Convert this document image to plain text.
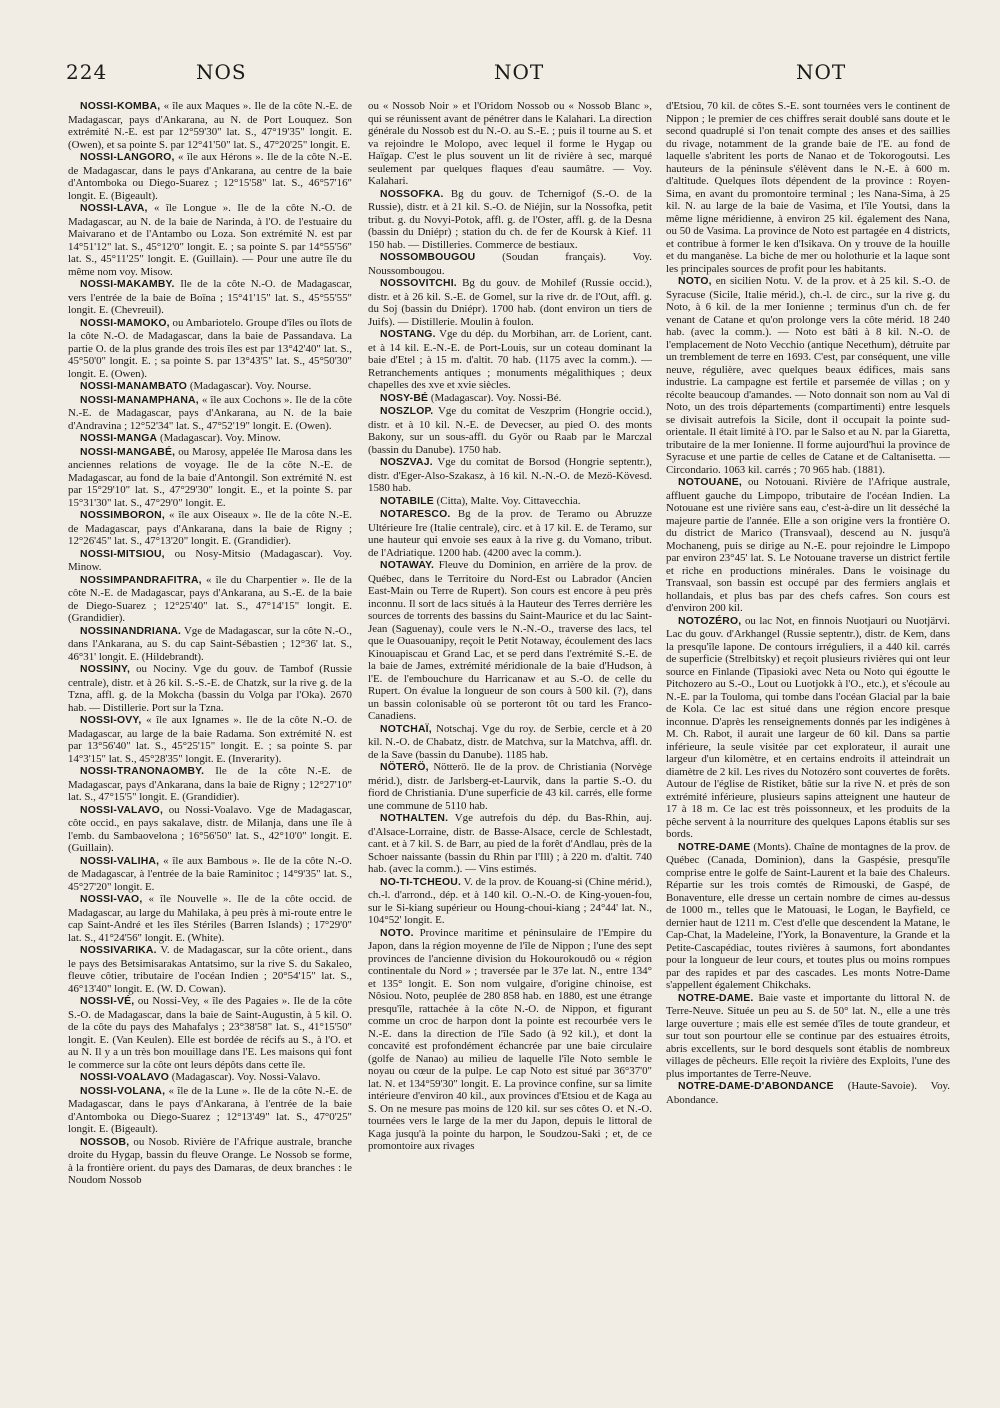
224	NOS	NOT	NOT

NOSSI-KOMBA, « île aux Maques ». Ile de la côte N.-E. de Madagascar, pays d'Ankarana, au N. de Port Louquez. Son extrémité N.-E. est par 12°59'30" lat. S., 47°19'35" longit. E. (Owen), et sa pointe S. par 12°41'50" lat. S., 47°20'25" longit. E.

NOSSI-LANGORO, « île aux Hérons ». Ile de la côte N.-E. de Madagascar, dans le pays d'Ankarana, au centre de la baie d'Antomboka ou Diego-Suarez ; 12°15'58" lat. S., 46°57'16" longit. E. (Bigeault).

NOSSI-LAVA, « île Longue ». Ile de la côte N.-O. de Madagascar, au N. de la baie de Narinda, à l'O. de l'estuaire du Maivarano et de l'Antambo ou Loza. Son extrémité N. est par 14°51'12" lat. S., 45°12'0" longit. E. ; sa pointe S. par 14°55'56" lat. S., 45°11'25" longit. E. (Guillain). — Pour une autre île du même nom voy. Misow.

NOSSI-MAKAMBY. Ile de la côte N.-O. de Madagascar, vers l'entrée de la baie de Boïna ; 15°41'15" lat. S., 45°55'55" longit. E. (Chevreuil).

NOSSI-MAMOKO, ou Ambariotelo. Groupe d'îles ou îlots de la côte N.-O. de Madagascar, dans la baie de Passandava. La partie O. de la plus grande des trois îles est par 13°42'40" lat. S., 45°50'0" longit. E. ; sa pointe S. par 13°43'5" lat. S., 45°50'30" longit. E. (Owen).

NOSSI-MANAMBATO (Madagascar). Voy. Nourse.

NOSSI-MANAMPHANA, « île aux Cochons ». Ile de la côte N.-E. de Madagascar, pays d'Ankarana, au N. de la baie d'Andravina ; 12°52'34" lat. S., 47°52'19" longit. E. (Owen).

NOSSI-MANGA (Madagascar). Voy. Minow.

NOSSI-MANGABÉ, ou Marosy, appelée Ile Marosa dans les anciennes relations de voyage. Ile de la côte N.-E. de Madagascar, au fond de la baie d'Antongil. Son extrémité N. est par 15°29'10" lat. S., 47°29'30" longit. E., et la pointe S. par 15°31'30" lat. S., 47°29'0" longit. E.

NOSSIMBORON, « île aux Oiseaux ». Ile de la côte N.-E. de Madagascar, pays d'Ankarana, dans la baie de Rigny ; 12°26'45" lat. S., 47°13'20" longit. E. (Grandidier).

NOSSI-MITSIOU, ou Nosy-Mitsio (Madagascar). Voy. Minow.

NOSSIMPANDRAFITRA, « île du Charpentier ». Ile de la côte N.-E. de Madagascar, pays d'Ankarana, au S.-E. de la baie de Diego-Suarez ; 12°25'40" lat. S., 47°14'15" longit. E. (Grandidier).

NOSSINANDRIANA. Vge de Madagascar, sur la côte N.-O., dans l'Ankarana, au S. du cap Saint-Sébastien ; 12°36' lat. S., 46°31' longit. E. (Hildebrandt).

NOSSINY, ou Nociny. Vge du gouv. de Tambof (Russie centrale), distr. et à 26 kil. S.-S.-E. de Chatzk, sur la rive g. de la Tzna, affl. g. de la Mokcha (bassin du Volga par l'Oka). 2670 hab. — Distillerie. Port sur la Tzna.

NOSSI-OVY, « île aux Ignames ». Ile de la côte N.-O. de Madagascar, au large de la baie Radama. Son extrémité N. est par 13°56'40" lat. S., 45°25'15" longit. E. ; sa pointe S. par 14°3'15" lat. S., 45°28'35" longit. E. (Inverarity).

NOSSI-TRANONAOMBY. Ile de la côte N.-E. de Madagascar, pays d'Ankarana, dans la baie de Rigny ; 12°27'10" lat. S., 47°15'5" longit. E. (Grandidier).

NOSSI-VALAVO, ou Nossi-Voalavo. Vge de Madagascar, côte occid., en pays sakalave, distr. de Milanja, dans une île à l'emb. du Sambaovelona ; 16°56'50" lat. S., 42°10'0" longit. E. (Guillain).

NOSSI-VALIHA, « île aux Bambous ». Ile de la côte N.-O. de Madagascar, à l'entrée de la baie Raminitoc ; 14°9'35" lat. S., 45°27'20" longit. E.

NOSSI-VAO, « île Nouvelle ». Ile de la côte occid. de Madagascar, au large du Mahilaka, à peu près à mi-route entre le cap Saint-André et les îles Stériles (Barren Islands) ; 17°29'0" lat. S., 41°24'56" longit. E. (White).

NOSSIVARIKA. V. de Madagascar, sur la côte orient., dans le pays des Betsimisarakas Antatsimo, sur la rive S. du Sakaleo, fleuve côtier, tributaire de l'océan Indien ; 20°54'15" lat. S., 46°13'40" longit. E. (W. D. Cowan).

NOSSI-VÉ, ou Nossi-Vey, « île des Pagaies ». Ile de la côte S.-O. de Madagascar, dans la baie de Saint-Augustin, à 5 kil. O. de la côte du pays des Mahafalys ; 23°38'58" lat. S., 41°15'50" longit. E. (Van Keulen). Elle est bordée de récifs au S., à l'O. et au N. Il y a un très bon mouillage dans l'E. Les maisons qui font le commerce sur la côte ont leurs dépôts dans cette île.

NOSSI-VOALAVO (Madagascar). Voy. Nossi-Valavo.

NOSSI-VOLANA, « île de la Lune ». Ile de la côte N.-E. de Madagascar, dans le pays d'Ankarana, à l'entrée de la baie d'Antomboka ou Diego-Suarez ; 12°13'49" lat. S., 47°0'25" longit. E. (Bigeault).

NOSSOB, ou Nosob. Rivière de l'Afrique australe, branche droite du Hygap, bassin du fleuve Orange. Le Nossob se forme, à la frontière orient. du pays des Damaras, de deux branches : le Noudom Nossob

ou « Nossob Noir » et l'Oridom Nossob ou « Nossob Blanc », qui se réunissent avant de pénétrer dans le Kalahari. La direction générale du Nossob est du N.-O. au S.-E. ; puis il tourne au S. et va rejoindre le Molopo, avec lequel il forme le Hygap ou Haïgap. C'est le plus souvent un lit de rivière à sec, marqué seulement par quelques flaques d'eau saumâtre. — Voy. Kalahari.

NOSSOFKA. Bg du gouv. de Tchernigof (S.-O. de la Russie), distr. et à 21 kil. S.-O. de Niéjin, sur la Nossofka, petit tribut. g. du Novyi-Potok, affl. g. de l'Oster, affl. g. de la Desna (bassin du Dniépr) ; station du ch. de fer de Koursk à Kief. 11 150 hab. — Distilleries. Commerce de bestiaux.

NOSSOMBOUGOU (Soudan français). Voy. Noussombougou.

NOSSOVITCHI. Bg du gouv. de Mohilef (Russie occid.), distr. et à 26 kil. S.-E. de Gomel, sur la rive dr. de l'Out, affl. g. du Soj (bassin du Dniépr). 1700 hab. (dont environ un tiers de Juifs). — Distillerie. Moulin à foulon.

NOSTANG. Vge du dép. du Morbihan, arr. de Lorient, cant. et à 14 kil. E.-N.-E. de Port-Louis, sur un coteau dominant la baie d'Etel ; à 15 m. d'altit. 70 hab. (1175 avec la comm.). — Retranchements antiques ; monuments mégalithiques ; deux chapelles des xve et xvie siècles.

NOSY-BÉ (Madagascar). Voy. Nossi-Bé.

NOSZLOP. Vge du comitat de Veszprim (Hongrie occid.), distr. et à 10 kil. N.-E. de Devecser, au pied O. des monts Bakony, sur un sous-affl. du Györ ou Raab par le Marczal (bassin du Danube). 1750 hab.

NOSZVAJ. Vge du comitat de Borsod (Hongrie septentr.), distr. d'Eger-Also-Szakasz, à 16 kil. N.-N.-O. de Mezö-Kövesd. 1580 hab.

NOTABILE (Citta), Malte. Voy. Cittavecchia.

NOTARESCO. Bg de la prov. de Teramo ou Abruzze Ultérieure Ire (Italie centrale), circ. et à 17 kil. E. de Teramo, sur une hauteur qui envoie ses eaux à la rive g. du Vomano, tribut. de l'Adriatique. 1200 hab. (4200 avec la comm.).

NOTAWAY. Fleuve du Dominion, en arrière de la prov. de Québec, dans le Territoire du Nord-Est ou Labrador (Ancien East-Main ou Terre de Rupert). Son cours est encore à peu près inconnu. Il sort de lacs situés à la Hauteur des Terres derrière les sources de torrents des bassins du Saint-Maurice et du lac Saint-Jean (Saguenay), coule vers le N.-N.-O., traverse des lacs, tel que le Ouasouanipy, reçoit le Petit Notaway, écoulement des lacs Kinouapiscau et Grand Lac, et se perd dans l'extrémité S.-E. de la baie de James, extrémité méridionale de la baie d'Hudson, à l'E. de l'embouchure du Harricanaw et au S.-O. de celle du Rupert. On évalue la longueur de son cours à 500 kil. (?), dans un bassin colonisable où se porteront tôt ou tard les Franco-Canadiens.

NOTCHAÏ, Notschaj. Vge du roy. de Serbie, cercle et à 20 kil. N.-O. de Chabatz, distr. de Matchva, sur la Matchva, affl. dr. de la Save (bassin du Danube). 1185 hab.

NÖTERÖ, Nötterö. Ile de la prov. de Christiania (Norvège mérid.), distr. de Jarlsberg-et-Laurvik, dans la partie S.-O. du fiord de Christiania. D'une superficie de 43 kil. carrés, elle forme une commune de 5110 hab.

NOTHALTEN. Vge autrefois du dép. du Bas-Rhin, auj. d'Alsace-Lorraine, distr. de Basse-Alsace, cercle de Schlestadt, cant. et à 7 kil. S. de Barr, au pied de la forêt d'Andlau, près de la Schoer naissante (bassin du Rhin par l'Ill) ; à 220 m. d'altit. 740 hab. (avec la comm.). — Vins estimés.

NO-TI-TCHEOU. V. de la prov. de Kouang-si (Chine mérid.), ch.-l. d'arrond., dép. et à 140 kil. O.-N.-O. de King-youen-fou, sur le Si-kiang supérieur ou Houng-choui-kiang ; 24°44' lat. N., 104°52' longit. E.

NOTO. Province maritime et péninsulaire de l'Empire du Japon, dans la région moyenne de l'île de Nippon ; l'une des sept provinces de l'ancienne division du Hokourokoudô ou « région continentale du Nord » ; traversée par le 37e lat. N., entre 134° et 135° longit. E. Son nom vulgaire, d'origine chinoise, est Nôsiou. Noto, peuplée de 280 858 hab. en 1880, est une étrange presqu'île, rattachée à la côte N.-O. de Nippon, et figurant comme un croc de harpon dont la pointe est recourbée vers le N.-E. dans la direction de l'île Sado (à 92 kil.), et dont la concavité est profondément échancrée par une baie circulaire (golfe de Nanao) au milieu de laquelle l'île Noto semble le noyau ou cœur de la pulpe. Le cap Noto est situé par 36°37'0" lat. N. et 134°59'30" longit. E. La province confine, sur sa limite intérieure d'environ 40 kil., aux provinces d'Etsiou et de Kaga au S. On ne mesure pas moins de 120 kil. sur ses côtes O. et N.-O. tournées vers le large de la mer du Japon, depuis le littoral de Kaga jusqu'à la pointe du harpon, le Soudzou-Saki ; et, de ce promontoire aux rivages

d'Etsiou, 70 kil. de côtes S.-E. sont tournées vers le continent de Nippon ; le premier de ces chiffres serait doublé sans doute et le second quadruplé si l'on tenait compte des anses et des saillies du rivage, notamment de la grande baie de l'E. au fond de laquelle s'abritent les ports de Nanao et de Tokorogoutsi. Les hauteurs de la péninsule s'élèvent dans le N.-E. à 600 m. d'altitude. Quelques îlots dépendent de la province : Royen-Sima, en avant du promontoire terminal ; les Nana-Sima, à 25 kil. N. au large de la baie de Vasima, et l'île Youtsi, dans la même ligne méridienne, à environ 25 kil. également des Nana, ou 50 de Vasima. La province de Noto est partagée en 4 districts, et contribue à former le ken d'Isikava. On y trouve de la houille et du manganèse. La biche de mer ou holothurie et la laque sont les principales sources de profit pour les habitants.

NOTO, en sicilien Notu. V. de la prov. et à 25 kil. S.-O. de Syracuse (Sicile, Italie mérid.), ch.-l. de circ., sur la rive g. du Noto, à 6 kil. de la mer Ionienne ; terminus d'un ch. de fer venant de Catane et qu'on prolonge vers la côte mérid. 18 240 hab. (avec la comm.). — Noto est bâti à 8 kil. N.-O. de l'emplacement de Noto Vecchio (antique Necethum), détruite par un tremblement de terre en 1693. C'est, par conséquent, une ville neuve, régulière, avec quelques beaux édifices, mais sans industrie. La campagne est fertile et parsemée de villas ; on y récolte beaucoup d'amandes. — Noto donnait son nom au Val di Noto, un des trois départements (compartimenti) entre lesquels se divisait autrefois la Sicile, dont il occupait la pointe sud-orientale. Il était limité à l'O. par le Salso et au N. par la Giaretta, tributaire de la mer Ionienne. Il forme aujourd'hui la province de Syracuse et une partie de celles de Catane et de Caltanisetta. — Circondario. 1063 kil. carrés ; 70 965 hab. (1881).

NOTOUANE, ou Notouani. Rivière de l'Afrique australe, affluent gauche du Limpopo, tributaire de l'océan Indien. La Notouane est une rivière sans eau, c'est-à-dire un lit desséché la majeure partie de l'année. Elle a son origine vers la frontière O. du district de Marico (Transvaal), descend au N. jusqu'à Mochaneng, puis se dirige au N.-E. pour rejoindre le Limpopo par environ 23°45' lat. S. Le Notouane traverse un district fertile et riche en productions minérales. Dans le voisinage du Transvaal, son bassin est occupé par des fermiers anglais et hollandais, et plus bas par des chefs cafres. Son cours est d'environ 200 kil.

NOTOZÉRO, ou lac Not, en finnois Nuotjauri ou Nuotjärvi. Lac du gouv. d'Arkhangel (Russie septentr.), distr. de Kem, dans la presqu'île lapone. De contours irréguliers, il a 440 kil. carrés de superficie (Strelbitsky) et reçoit plusieurs rivières qui ont leur source en Finlande (Tipasioki avec Neta ou Noto qui égoutte le Pitchozero au S.-O., Lout ou Luotjokk à l'O., etc.), et s'écoule au N.-E. par la Touloma, qui tombe dans l'océan Glacial par la baie de Kola. Ce lac est situé dans une région encore presque inconnue. D'après les renseignements donnés par les indigènes à M. Ch. Rabot, il aurait une largeur de 60 kil. Dans sa partie inférieure, la seule visitée par cet explorateur, il aurait une largeur d'un kilomètre, et en certains endroits il atteindrait un diamètre de 2 kil. Les rives du Notozéro sont couvertes de forêts. Autour de l'église de Ristiket, bâtie sur la rive N. et près de son extrémité inférieure, plusieurs sapins atteignent une hauteur de 17 à 18 m. Ce lac est très poissonneux, et les produits de la pêche servent à la nourriture des quelques Lapons établis sur ses bords.

NOTRE-DAME (Monts). Chaîne de montagnes de la prov. de Québec (Canada, Dominion), dans la Gaspésie, presqu'île comprise entre le golfe de Saint-Laurent et la baie des Chaleurs. Répartie sur les trois comtés de Rimouski, de Gaspé, de Bonaventure, elle dresse un certain nombre de cimes au-dessus de 1000 m., telles que le Matouasi, le Logan, le Bayfield, ce dernier haut de 1211 m. C'est d'elle que descendent la Matane, le Cap-Chat, la Madeleine, l'York, la Bonaventure, la Grande et la Petite-Cascapédiac, toutes rivières à saumons, fort abondantes pour la longueur de leur cours, et toutes plus ou moins rompues par des rapides et par des cascades. Les monts Notre-Dame s'appellent également Chikchaks.

NOTRE-DAME. Baie vaste et importante du littoral N. de Terre-Neuve. Située un peu au S. de 50° lat. N., elle a une très large ouverture ; mais elle est semée d'îles de toute grandeur, et sur tout son pourtour elle se continue par des estuaires étroits, abris excellents, sur le bord desquels sont établis de nombreux villages de pêcheurs. Elle reçoit la rivière des Exploits, l'une des plus importantes de Terre-Neuve.

NOTRE-DAME-D'ABONDANCE (Haute-Savoie). Voy. Abondance.
